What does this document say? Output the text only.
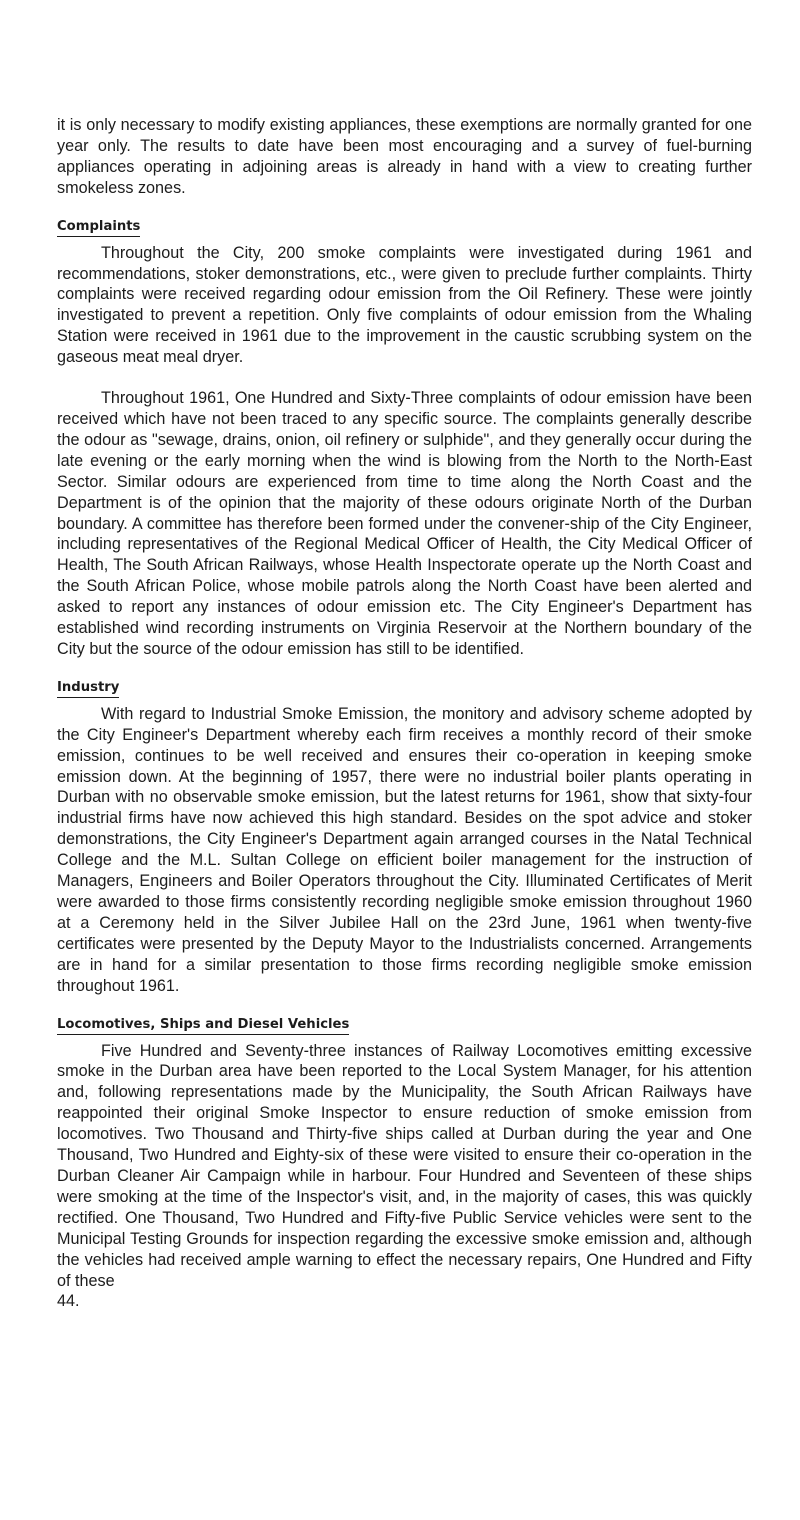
it is only necessary to modify existing appliances, these exemptions are normally granted for one year only. The results to date have been most encouraging and a survey of fuel-burning appliances operating in adjoining areas is already in hand with a view to creating further smokeless zones.

Complaints

Throughout the City, 200 smoke complaints were investigated during 1961 and recommendations, stoker demonstrations, etc., were given to preclude further complaints. Thirty complaints were received regarding odour emission from the Oil Refinery. These were jointly investigated to prevent a repetition. Only five complaints of odour emission from the Whaling Station were received in 1961 due to the improvement in the caustic scrubbing system on the gaseous meat meal dryer.

Throughout 1961, One Hundred and Sixty-Three complaints of odour emission have been received which have not been traced to any specific source. The complaints generally describe the odour as "sewage, drains, onion, oil refinery or sulphide", and they generally occur during the late evening or the early morning when the wind is blowing from the North to the North-East Sector. Similar odours are experienced from time to time along the North Coast and the Department is of the opinion that the majority of these odours originate North of the Durban boundary. A committee has therefore been formed under the convener-ship of the City Engineer, including representatives of the Regional Medical Officer of Health, the City Medical Officer of Health, The South African Railways, whose Health Inspectorate operate up the North Coast and the South African Police, whose mobile patrols along the North Coast have been alerted and asked to report any instances of odour emission etc. The City Engineer's Department has established wind recording instruments on Virginia Reservoir at the Northern boundary of the City but the source of the odour emission has still to be identified.

Industry

With regard to Industrial Smoke Emission, the monitory and advisory scheme adopted by the City Engineer's Department whereby each firm receives a monthly record of their smoke emission, continues to be well received and ensures their co-operation in keeping smoke emission down. At the beginning of 1957, there were no industrial boiler plants operating in Durban with no observable smoke emission, but the latest returns for 1961, show that sixty-four industrial firms have now achieved this high standard. Besides on the spot advice and stoker demonstrations, the City Engineer's Department again arranged courses in the Natal Technical College and the M.L. Sultan College on efficient boiler management for the instruction of Managers, Engineers and Boiler Operators throughout the City. Illuminated Certificates of Merit were awarded to those firms consistently recording negligible smoke emission throughout 1960 at a Ceremony held in the Silver Jubilee Hall on the 23rd June, 1961 when twenty-five certificates were presented by the Deputy Mayor to the Industrialists concerned. Arrangements are in hand for a similar presentation to those firms recording negligible smoke emission throughout 1961.

Locomotives, Ships and Diesel Vehicles

Five Hundred and Seventy-three instances of Railway Locomotives emitting excessive smoke in the Durban area have been reported to the Local System Manager, for his attention and, following representations made by the Municipality, the South African Railways have reappointed their original Smoke Inspector to ensure reduction of smoke emission from locomotives. Two Thousand and Thirty-five ships called at Durban during the year and One Thousand, Two Hundred and Eighty-six of these were visited to ensure their co-operation in the Durban Cleaner Air Campaign while in harbour. Four Hundred and Seventeen of these ships were smoking at the time of the Inspector's visit, and, in the majority of cases, this was quickly rectified. One Thousand, Two Hundred and Fifty-five Public Service vehicles were sent to the Municipal Testing Grounds for inspection regarding the excessive smoke emission and, although the vehicles had received ample warning to effect the necessary repairs, One Hundred and Fifty of these

44.
